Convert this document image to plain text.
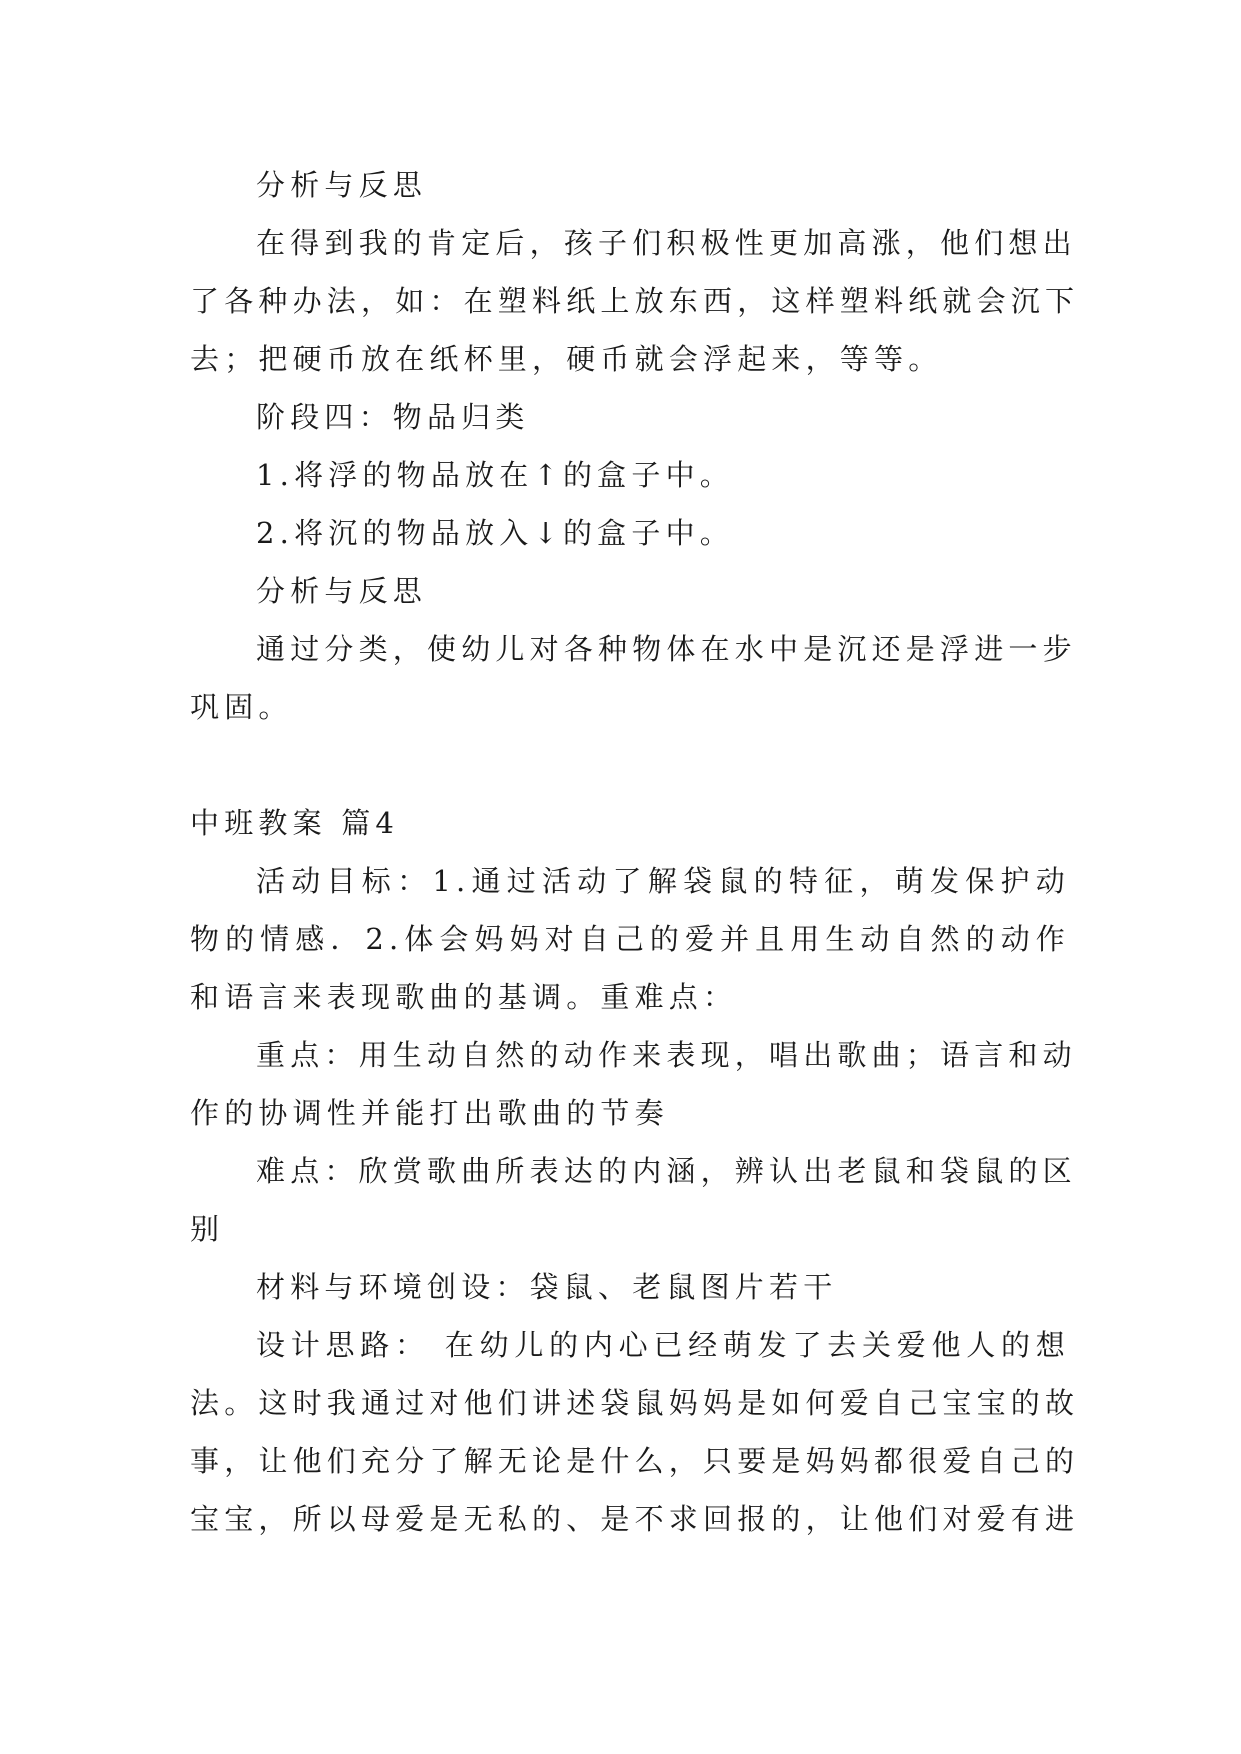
分析与反思
在得到我的肯定后，孩子们积极性更加高涨，他们想出
了各种办法，如：在塑料纸上放东西，这样塑料纸就会沉下
去；把硬币放在纸杯里，硬币就会浮起来，等等。
阶段四：物品归类
1.将浮的物品放在↑的盒子中。
2.将沉的物品放入↓的盒子中。
分析与反思
通过分类，使幼儿对各种物体在水中是沉还是浮进一步
巩固。
中班教案 篇4
活动目标：1.通过活动了解袋鼠的特征，萌发保护动
物的情感．2.体会妈妈对自己的爱并且用生动自然的动作
和语言来表现歌曲的基调。重难点：
重点：用生动自然的动作来表现，唱出歌曲；语言和动
作的协调性并能打出歌曲的节奏
难点：欣赏歌曲所表达的内涵，辨认出老鼠和袋鼠的区
别
材料与环境创设：袋鼠、老鼠图片若干
设计思路： 在幼儿的内心已经萌发了去关爱他人的想
法。这时我通过对他们讲述袋鼠妈妈是如何爱自己宝宝的故
事，让他们充分了解无论是什么，只要是妈妈都很爱自己的
宝宝，所以母爱是无私的、是不求回报的，让他们对爱有进
